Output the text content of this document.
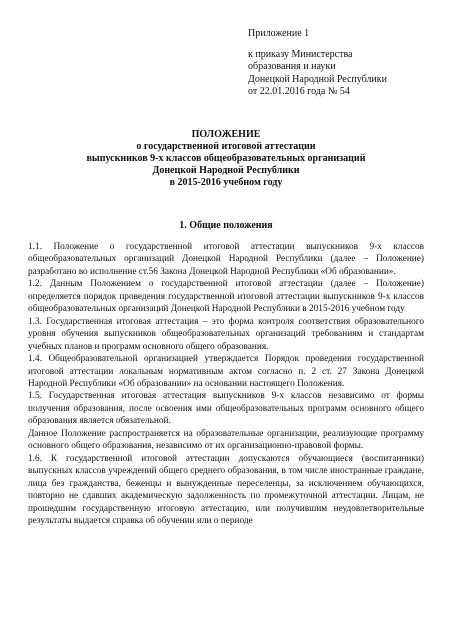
Приложение 1
к приказу Министерства
образования и науки
Донецкой Народной Республики
от 22.01.2016 года № 54
ПОЛОЖЕНИЕ
о государственной итоговой аттестации
выпускников 9-х классов общеобразовательных организаций
Донецкой Народной Республики
в 2015-2016 учебном году
1. Общие положения

1.1. Положение о государственной итоговой аттестации выпускников 9-х классов общеобразовательных организаций Донецкой Народной Республики (далее – Положение) разработано во исполнение ст.56 Закона Донецкой Народной Республики «Об образовании».

1.2. Данным Положением о государственной итоговой аттестации (далее – Положение) определяется порядок проведения государственной итоговой аттестации выпускников 9-х классов общеобразовательных организаций Донецкой Народной Республики в 2015-2016 учебном году

1.3. Государственная итоговая аттестация – это форма контроля соответствия образовательного уровня обучения выпускников общеобразовательных организаций требованиям и стандартам учебных планов и программ основного общего образования.

1.4. Общеобразовательной организацией утверждается Порядок проведения государственной итоговой аттестации локальным нормативным актом согласно п. 2 ст. 27 Закона Донецкой Народной Республики «Об образовании» на основании настоящего Положения.

1.5. Государственная итоговая аттестация выпускников 9-х классов независимо от формы получения образования, после освоения ими общеобразовательных программ основного общего образования является обязательной.

Данное Положение распространяется на образовательные организации, реализующие программу основного общего образования, независимо от их организационно-правовой формы.

1.6. К государственной итоговой аттестации допускаются обучающиеся (воспитанники) выпускных классов учреждений общего среднего образования, в том числе иностранные граждане, лица без гражданства, беженцы и вынужденные переселенцы, за исключением обучающихся, повторно не сдавших академическую задолженность по промежуточной аттестации. Лицам, не прошедшим государственную итоговую аттестацию, или получившим неудовлетворительные результаты выдается справка об обучении или о периоде
